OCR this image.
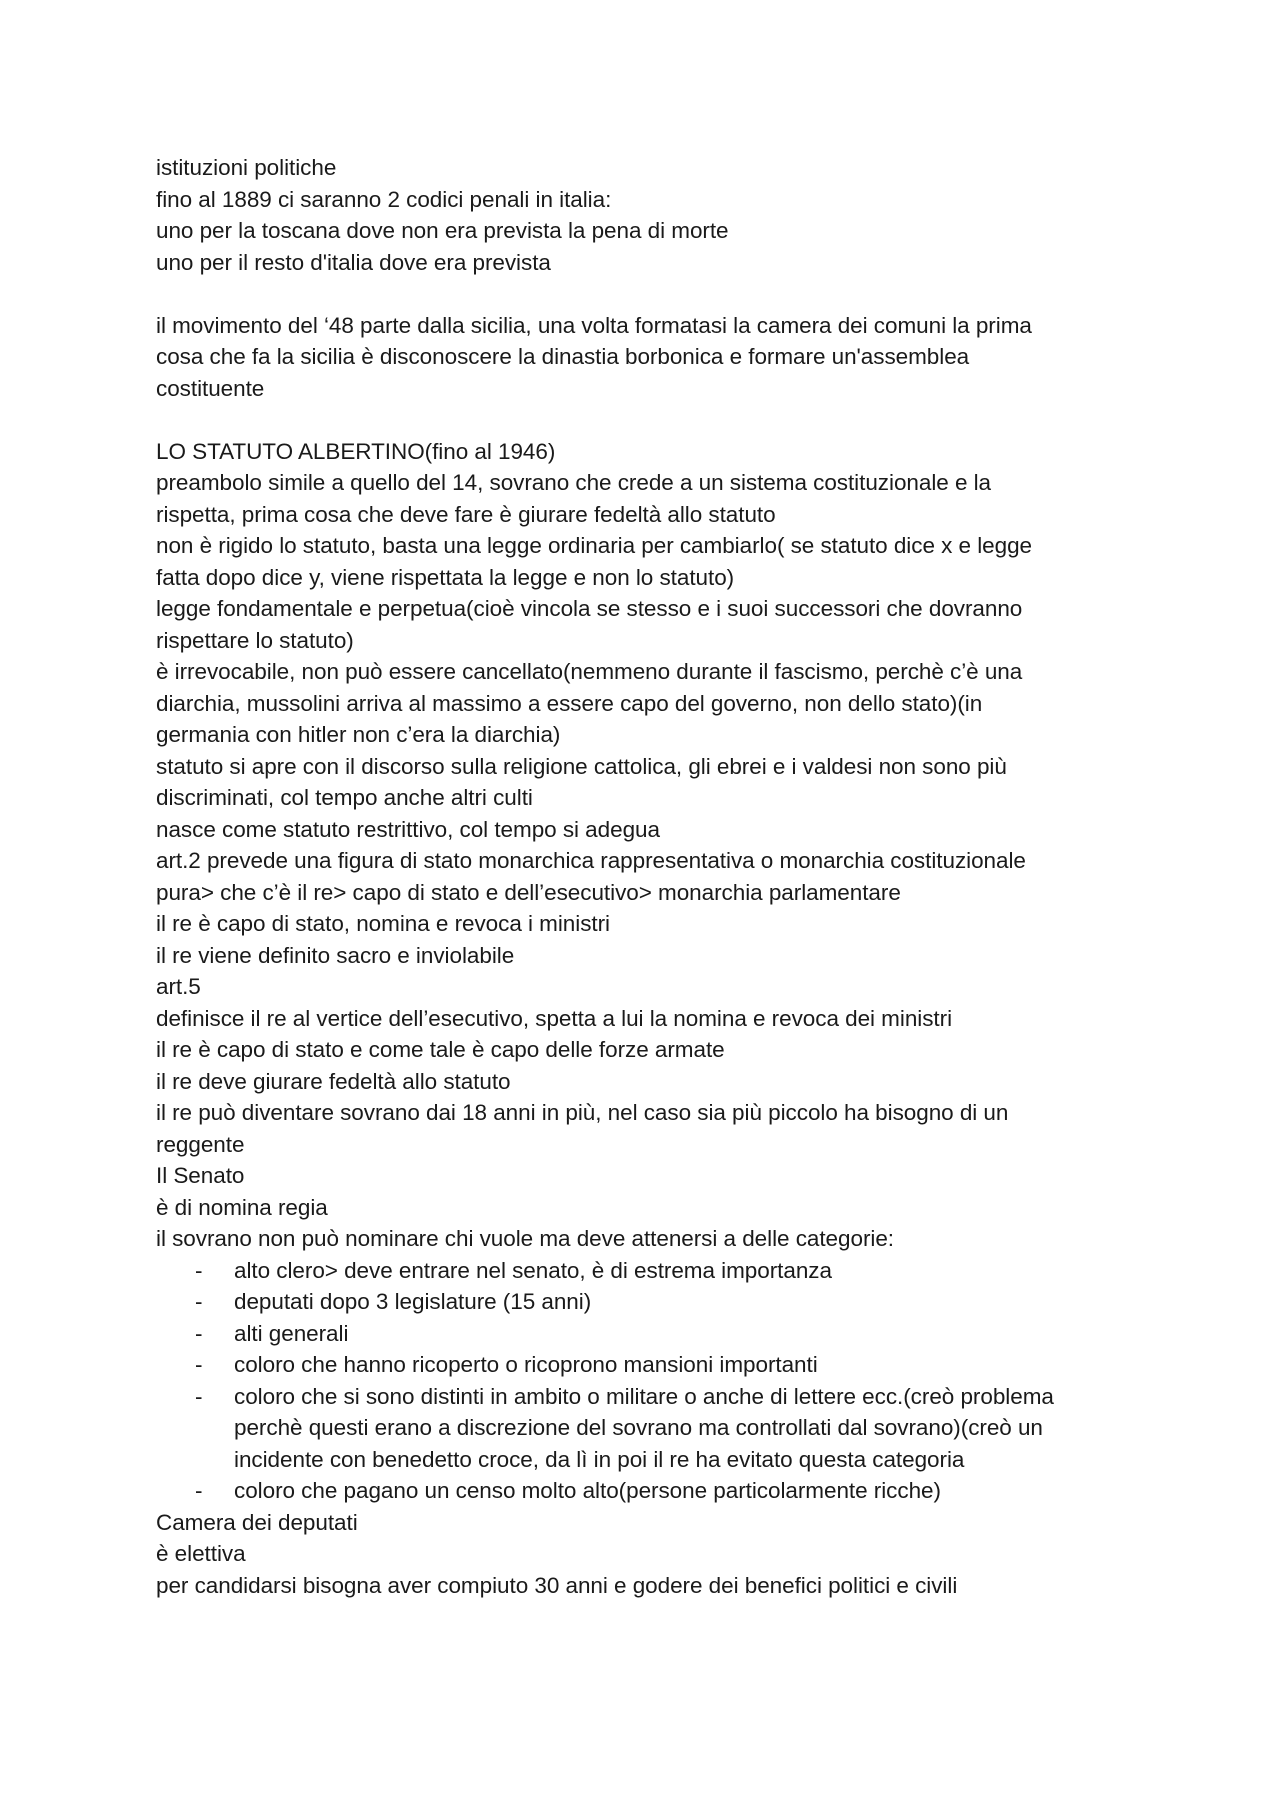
istituzioni politiche
fino al 1889 ci saranno 2 codici penali in italia:
uno per la toscana dove non era prevista la pena di morte
uno per il resto d'italia dove era prevista
il movimento del ‘48 parte dalla sicilia, una volta formatasi la camera dei comuni la prima
cosa che fa la sicilia è disconoscere la dinastia borbonica e formare un'assemblea
costituente
LO STATUTO ALBERTINO(fino al 1946)
preambolo simile a quello del 14, sovrano che crede a un sistema costituzionale e la
rispetta, prima cosa che deve fare è giurare fedeltà allo statuto
non è rigido lo statuto, basta una legge ordinaria per cambiarlo( se statuto dice x e legge
fatta dopo dice y, viene rispettata la legge e non lo statuto)
legge fondamentale e perpetua(cioè vincola se stesso e i suoi successori che dovranno
rispettare lo statuto)
è irrevocabile, non può essere cancellato(nemmeno durante il fascismo, perchè c’è una
diarchia, mussolini arriva al massimo a essere capo del governo, non dello stato)(in
germania con hitler non c’era la diarchia)
statuto si apre con il discorso sulla religione cattolica, gli ebrei e i valdesi non sono più
discriminati, col tempo anche altri culti
nasce come statuto restrittivo, col tempo si adegua
art.2 prevede una figura di stato monarchica rappresentativa o monarchia costituzionale
pura> che c’è il re> capo di stato e dell’esecutivo> monarchia parlamentare
il re è capo di stato, nomina e revoca i ministri
il re viene definito sacro e inviolabile
art.5
definisce il re al vertice dell’esecutivo, spetta a lui la nomina e revoca dei ministri
il re è capo di stato e come tale è capo delle forze armate
il re deve giurare fedeltà allo statuto
il re può diventare sovrano dai 18 anni in più, nel caso sia più piccolo ha bisogno di un
reggente
Il Senato
è di nomina regia
il sovrano non può nominare chi vuole ma deve attenersi a delle categorie:
- alto clero> deve entrare nel senato, è di estrema importanza
- deputati dopo 3 legislature (15 anni)
- alti generali
- coloro che hanno ricoperto o ricoprono mansioni importanti
- coloro che si sono distinti in ambito o militare o anche di lettere ecc.(creò problema
perchè questi erano a discrezione del sovrano ma controllati dal sovrano)(creò un
incidente con benedetto croce, da lì in poi il re ha evitato questa categoria
- coloro che pagano un censo molto alto(persone particolarmente ricche)
Camera dei deputati
è elettiva
per candidarsi bisogna aver compiuto 30 anni e godere dei benefici politici e civili
